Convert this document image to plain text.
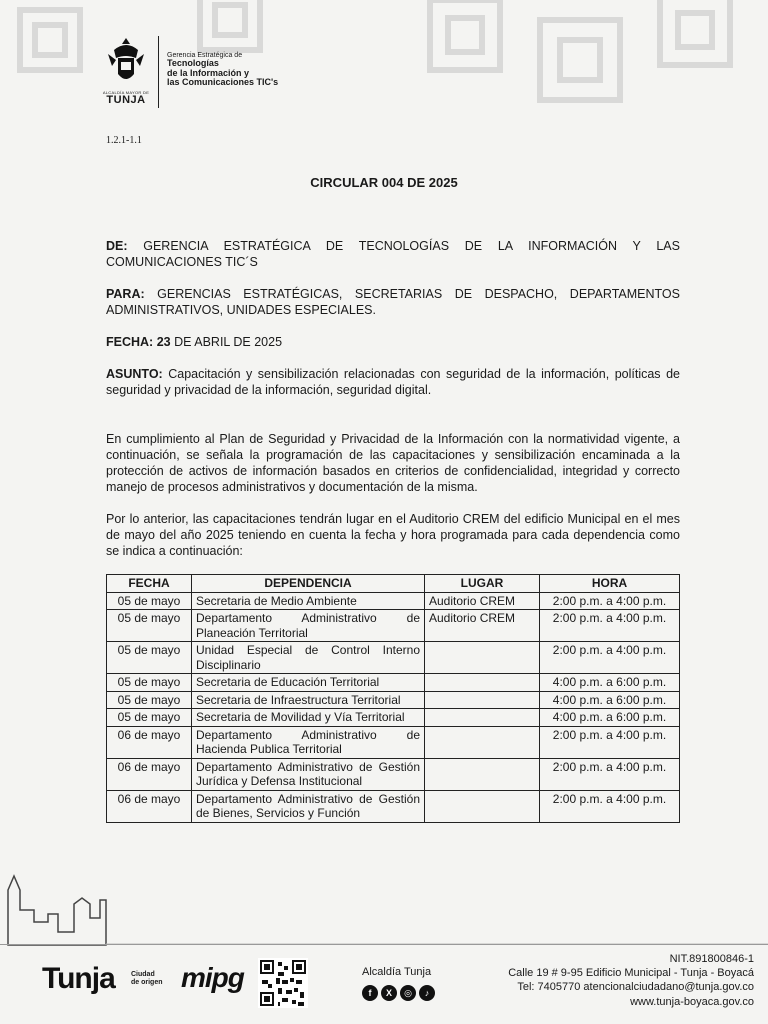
ALCALDÍA MAYOR DE
TUNJA
Gerencia Estratégica de
Tecnologías
de la Información y
las Comunicaciones TIC's
1.2.1-1.1
CIRCULAR 004 DE 2025
DE: GERENCIA ESTRATÉGICA DE TECNOLOGÍAS DE LA INFORMACIÓN Y LAS COMUNICACIONES TIC´S
PARA: GERENCIAS ESTRATÉGICAS, SECRETARIAS DE DESPACHO, DEPARTAMENTOS ADMINISTRATIVOS, UNIDADES ESPECIALES.
FECHA: 23 DE ABRIL DE 2025
ASUNTO: Capacitación y sensibilización relacionadas con seguridad de la información, políticas de seguridad y privacidad de la información, seguridad digital.
En cumplimiento al Plan de Seguridad y Privacidad de la Información con la normatividad vigente, a continuación, se señala la programación de las capacitaciones y sensibilización encaminada a la protección de activos de información basados en criterios de confidencialidad, integridad y correcto manejo de procesos administrativos y documentación de la misma.
Por lo anterior, las capacitaciones tendrán lugar en el Auditorio CREM del edificio Municipal en el mes de mayo del año 2025 teniendo en cuenta la fecha y hora programada para cada dependencia como se indica a continuación:
FECHA	DEPENDENCIA	LUGAR	HORA
05 de mayo	Secretaria de Medio Ambiente	Auditorio CREM	2:00 p.m. a 4:00 p.m.
05 de mayo	Departamento Administrativo de Planeación Territorial	Auditorio CREM	2:00 p.m. a 4:00 p.m.
05 de mayo	Unidad Especial de Control Interno Disciplinario		2:00 p.m. a 4:00 p.m.
05 de mayo	Secretaria de Educación Territorial		4:00 p.m. a 6:00 p.m.
05 de mayo	Secretaria de Infraestructura Territorial		4:00 p.m. a 6:00 p.m.
05 de mayo	Secretaria de Movilidad y Vía Territorial		4:00 p.m. a 6:00 p.m.
06 de mayo	Departamento Administrativo de Hacienda Publica Territorial		2:00 p.m. a 4:00 p.m.
06 de mayo	Departamento Administrativo de Gestión Jurídica y Defensa Institucional		2:00 p.m. a 4:00 p.m.
06 de mayo	Departamento Administrativo de Gestión de Bienes, Servicios y Función		2:00 p.m. a 4:00 p.m.
Tunja Ciudad
de origen mipg	Alcaldía Tunja
f	X	◎	♪
NIT.891800846-1
Calle 19 # 9-95 Edificio Municipal - Tunja - Boyacá
Tel: 7405770 atencionalciudadano@tunja.gov.co
www.tunja-boyaca.gov.co
